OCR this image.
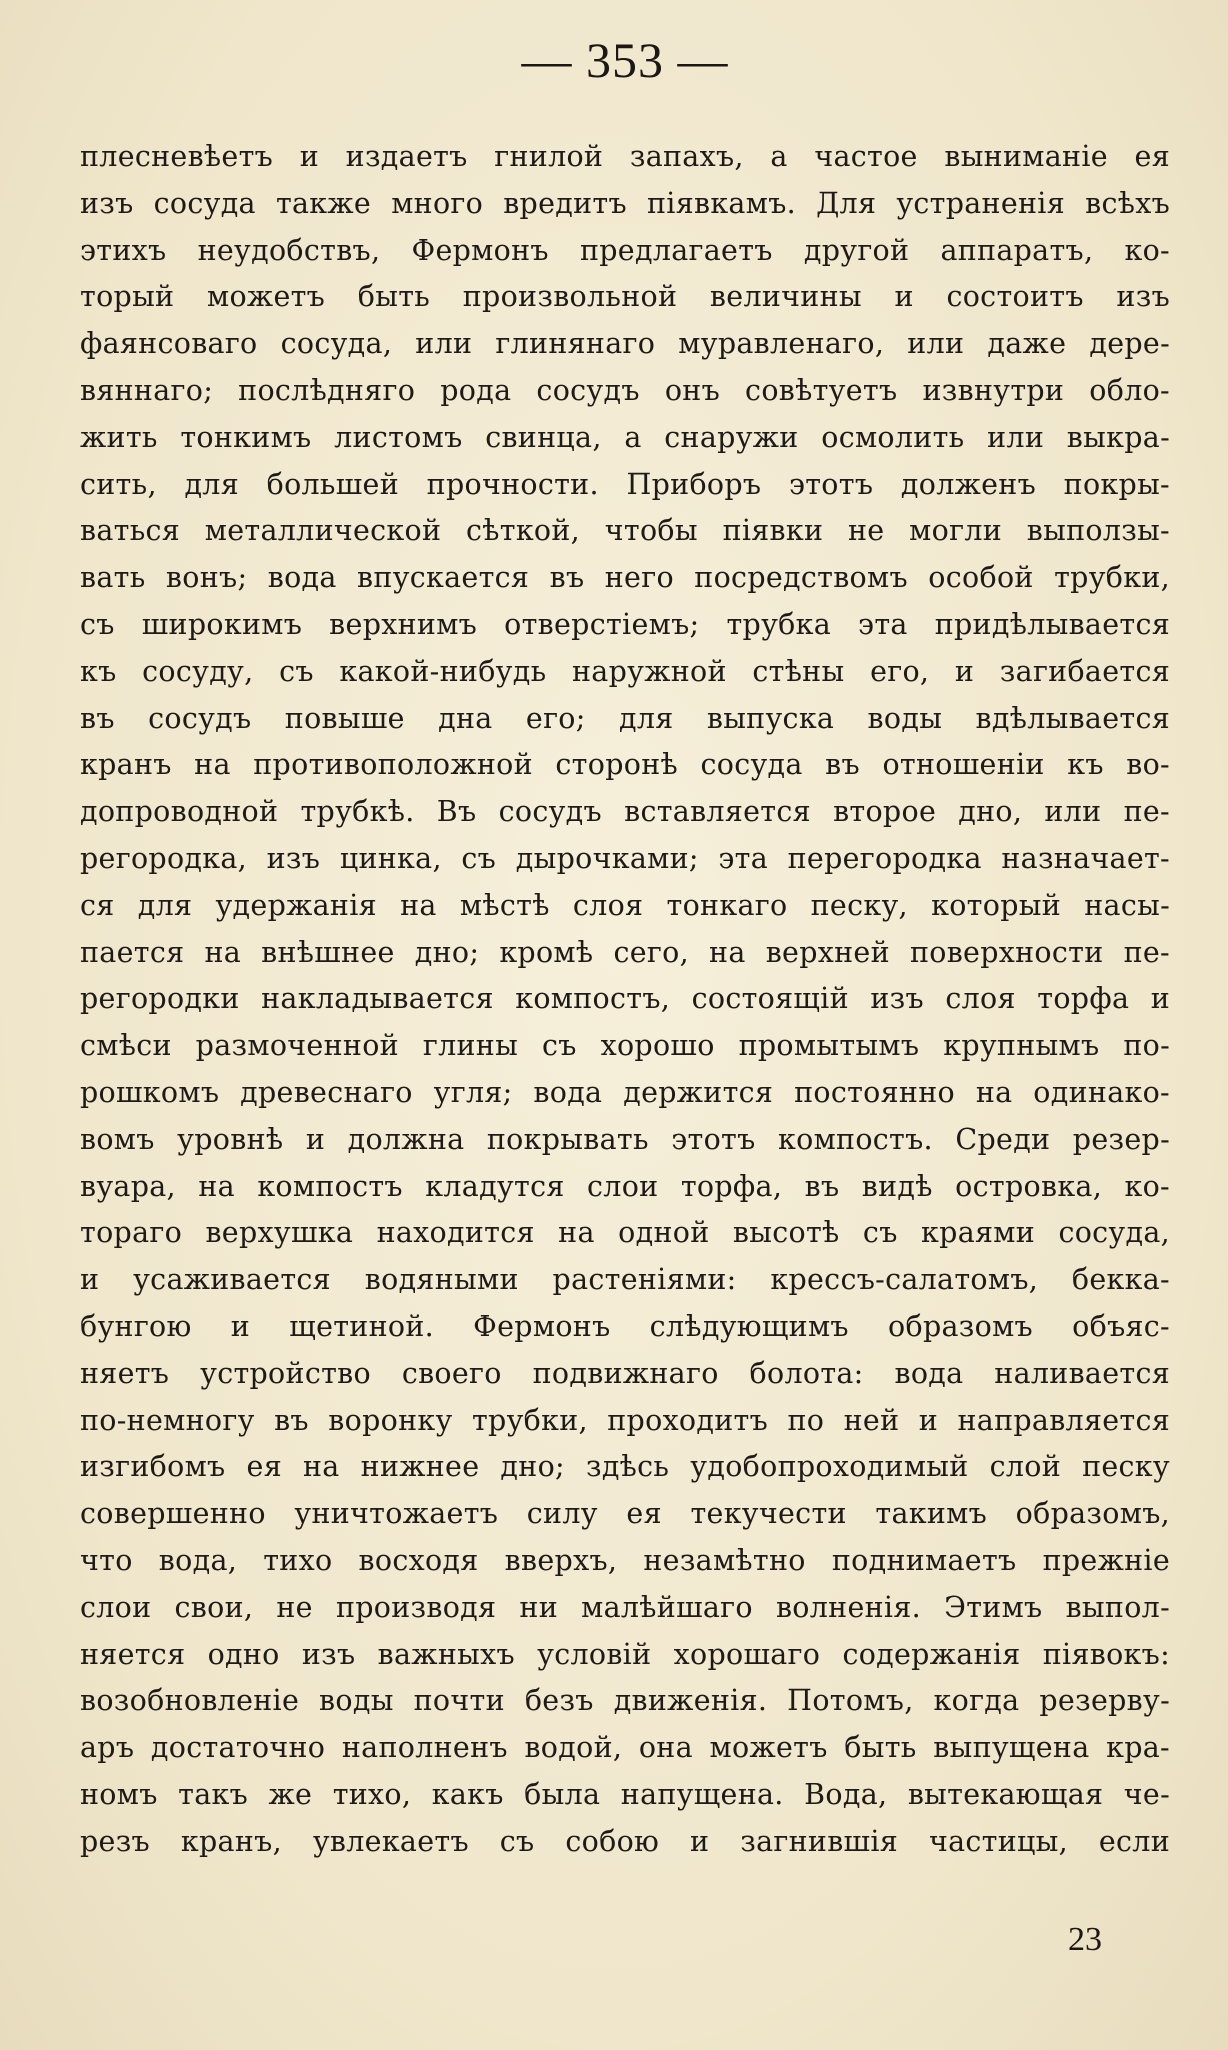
— 353 —
плесневѣетъ и издаетъ гнилой запахъ, а частое выниманiе ея
изъ сосуда также много вредитъ пiявкамъ. Для устраненiя всѣхъ
этихъ неудобствъ, Фермонъ предлагаетъ другой аппаратъ, ко-
торый можетъ быть произвольной величины и состоитъ изъ
фаянсоваго сосуда, или глинянаго муравленаго, или даже дере-
вяннаго; послѣдняго рода сосудъ онъ совѣтуетъ извнутри обло-
жить тонкимъ листомъ свинца, а снаружи осмолить или выкра-
сить, для большей прочности. Приборъ этотъ долженъ покры-
ваться металлической сѣткой, чтобы пiявки не могли выползы-
вать вонъ; вода впускается въ него посредствомъ особой трубки,
съ широкимъ верхнимъ отверстiемъ; трубка эта придѣлывается
къ сосуду, съ какой-нибудь наружной стѣны его, и загибается
въ сосудъ повыше дна его; для выпуска воды вдѣлывается
кранъ на противоположной сторонѣ сосуда въ отношенiи къ во-
допроводной трубкѣ. Въ сосудъ вставляется второе дно, или пе-
регородка, изъ цинка, съ дырочками; эта перегородка назначает-
ся для удержанiя на мѣстѣ слоя тонкаго песку, который насы-
пается на внѣшнее дно; кромѣ сего, на верхней поверхности пе-
регородки накладывается компостъ, состоящiй изъ слоя торфа и
смѣси размоченной глины съ хорошо промытымъ крупнымъ по-
рошкомъ древеснаго угля; вода держится постоянно на одинако-
вомъ уровнѣ и должна покрывать этотъ компостъ. Среди резер-
вуара, на компостъ кладутся слои торфа, въ видѣ островка, ко-
тораго верхушка находится на одной высотѣ съ краями сосуда,
и усаживается водяными растенiями: крессъ-салатомъ, бекка-
бунгою и щетиной. Фермонъ слѣдующимъ образомъ объяс-
няетъ устройство своего подвижнаго болота: вода наливается
по-немногу въ воронку трубки, проходитъ по ней и направляется
изгибомъ ея на нижнее дно; здѣсь удобопроходимый слой песку
совершенно уничтожаетъ силу ея текучести такимъ образомъ,
что вода, тихо восходя вверхъ, незамѣтно поднимаетъ прежнiе
слои свои, не производя ни малѣйшаго волненiя. Этимъ выпол-
няется одно изъ важныхъ условiй хорошаго содержанiя пiявокъ:
возобновленiе воды почти безъ движенiя. Потомъ, когда резерву-
аръ достаточно наполненъ водой, она можетъ быть выпущена кра-
номъ такъ же тихо, какъ была напущена. Вода, вытекающая че-
резъ кранъ, увлекаетъ съ собою и загнившiя частицы, если
23
